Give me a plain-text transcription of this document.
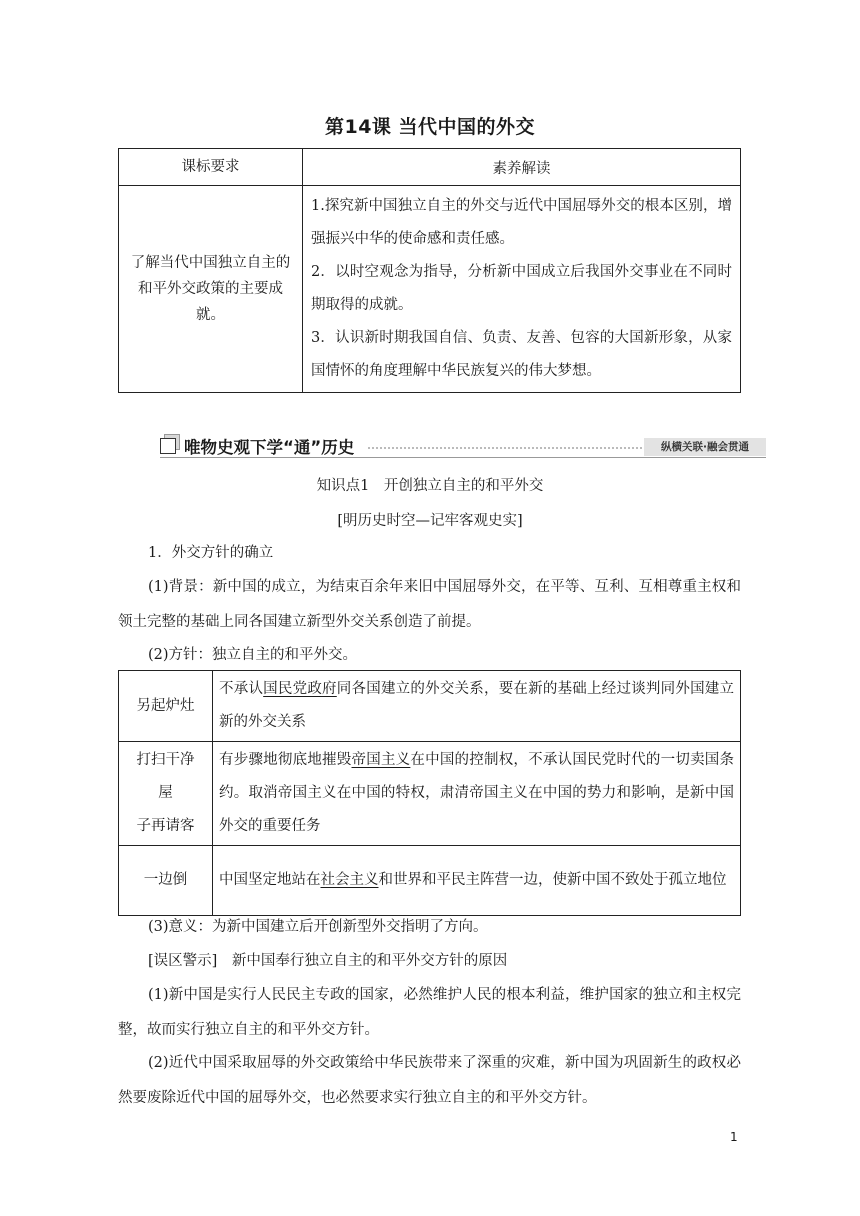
第14课 当代中国的外交
课标要求	素养解读
了解当代中国独立自主的和平外交政策的主要成就。	1.探究新中国独立自主的外交与近代中国屈辱外交的根本区别，增强振兴中华的使命感和责任感。
2．以时空观念为指导，分析新中国成立后我国外交事业在不同时期取得的成就。
3．认识新时期我国自信、负责、友善、包容的大国新形象，从家国情怀的角度理解中华民族复兴的伟大梦想。
唯物史观下学“通”历史	纵横关联·融会贯通
知识点1　开创独立自主的和平外交
[明历史时空—记牢客观史实]
1．外交方针的确立
(1)背景：新中国的成立，为结束百余年来旧中国屈辱外交，在平等、互利、互相尊重主权和领土完整的基础上同各国建立新型外交关系创造了前提。
(2)方针：独立自主的和平外交。
另起炉灶	不承认国民党政府同各国建立的外交关系，要在新的基础上经过谈判同外国建立新的外交关系

打扫干净
屋
子再请客	有步骤地彻底地摧毁帝国主义在中国的控制权，不承认国民党时代的一切卖国条约。取消帝国主义在中国的特权，肃清帝国主义在中国的势力和影响，是新中国外交的重要任务
一边倒	中国坚定地站在社会主义和世界和平民主阵营一边，使新中国不致处于孤立地位
(3)意义：为新中国建立后开创新型外交指明了方向。
[误区警示]　新中国奉行独立自主的和平外交方针的原因
(1)新中国是实行人民民主专政的国家，必然维护人民的根本利益，维护国家的独立和主权完整，故而实行独立自主的和平外交方针。
(2)近代中国采取屈辱的外交政策给中华民族带来了深重的灾难，新中国为巩固新生的政权必然要废除近代中国的屈辱外交，也必然要求实行独立自主的和平外交方针。
1
